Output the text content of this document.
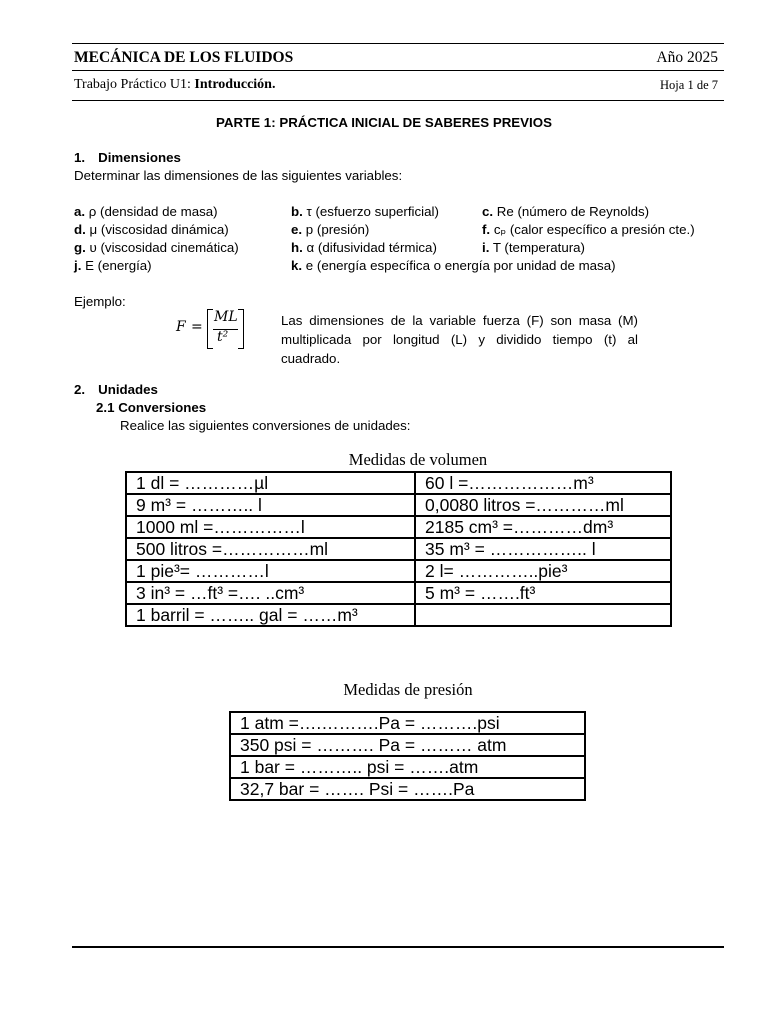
MECÁNICA DE LOS FLUIDOS	Año 2025
Trabajo Práctico U1: Introducción.	Hoja 1 de 7
PARTE 1: PRÁCTICA INICIAL DE SABERES PREVIOS
1. Dimensiones
Determinar las dimensiones de las siguientes variables:
a. ρ (densidad de masa)	b. τ (esfuerzo superficial)	c. Re (número de Reynolds)
d. μ (viscosidad dinámica)	e. p (presión)	f. cₚ (calor específico a presión cte.)
g. υ (viscosidad cinemática)	h. α (difusividad térmica)	i. T (temperatura)
j. E (energía)	k. e (energía específica o energía por unidad de masa)
Ejemplo:
F =
ML
t²
Las dimensiones de la variable fuerza (F) son masa (M) multiplicada por longitud (L) y dividido tiempo (t) al cuadrado.
2. Unidades
2.1 Conversiones
Realice las siguientes conversiones de unidades:
Medidas de volumen
1 dl = …………µl	60 l =………………m³
9 m³ = ……….. l	0,0080 litros =…………ml
1000 ml =……………l	2185 cm³ =…………dm³
500 litros =……………ml	35 m³ = …………….. l
1 pie³= …………l	2 l= …………..pie³
3 in³ = …ft³ =…. ..cm³	5 m³ = …….ft³
1 barril = …….. gal = ……m³	
Medidas de presión
1 atm =….……….Pa = ……….psi
350 psi = ………. Pa = ……… atm
1 bar = ……….. psi = …….atm
32,7 bar = ……. Psi = …….Pa
